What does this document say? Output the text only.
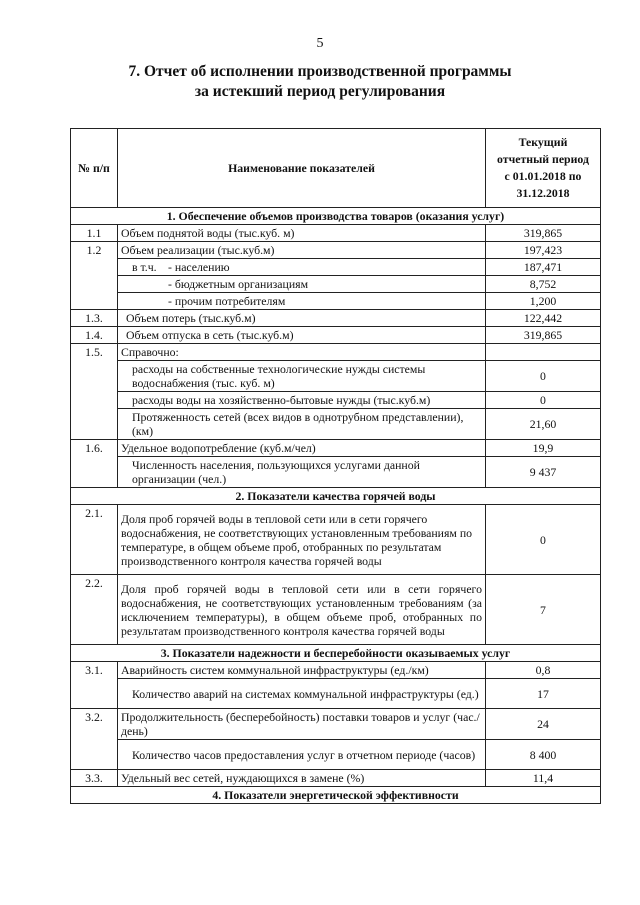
5
7. Отчет об исполнении производственной программы
за истекший период регулирования
№ п/п	Наименование показателей	Текущий
отчетный период
с 01.01.2018 по
31.12.2018

1. Обеспечение объемов производства товаров (оказания услуг)		
1.1	Объем поднятой воды (тыс.куб. м)	319,865
1.2	Объем реализации (тыс.куб.м)	197,423
	в т.ч. - населению	187,471
	- бюджетным организациям	8,752
	- прочим потребителям	1,200
1.3.	Объем потерь (тыс.куб.м)	122,442
1.4.	Объем отпуска в сеть (тыс.куб.м)	319,865
1.5.	Справочно:	
	расходы на собственные технологические нужды системы водоснабжения (тыс. куб. м)	0
	расходы воды на хозяйственно-бытовые нужды (тыс.куб.м)	0
	Протяженность сетей (всех видов в однотрубном представлении), (км)	21,60
1.6.	Удельное водопотребление (куб.м/чел)	19,9
	Численность населения, пользующихся услугами данной организации (чел.)	9 437
2. Показатели качества горячей воды		
2.1.	Доля проб горячей воды в тепловой сети или в сети горячего водоснабжения, не соответствующих установленным требованиям по температуре, в общем объеме проб, отобранных по результатам производственного контроля качества горячей воды	0
2.2.	Доля проб горячей воды в тепловой сети или в сети горячего водоснабжения, не соответствующих установленным требованиям (за исключением температуры), в общем объеме проб, отобранных по результатам производственного контроля качества горячей воды	7
3. Показатели надежности и бесперебойности оказываемых услуг		
3.1.	Аварийность систем коммунальной инфраструктуры (ед./км)	0,8
	Количество аварий на системах коммунальной инфраструктуры (ед.)	17
3.2.	Продолжительность (бесперебойность) поставки товаров и услуг (час./день)	24
	Количество часов предоставления услуг в отчетном периоде (часов)	8 400
3.3.	Удельный вес сетей, нуждающихся в замене (%)	11,4
4. Показатели энергетической эффективности		
